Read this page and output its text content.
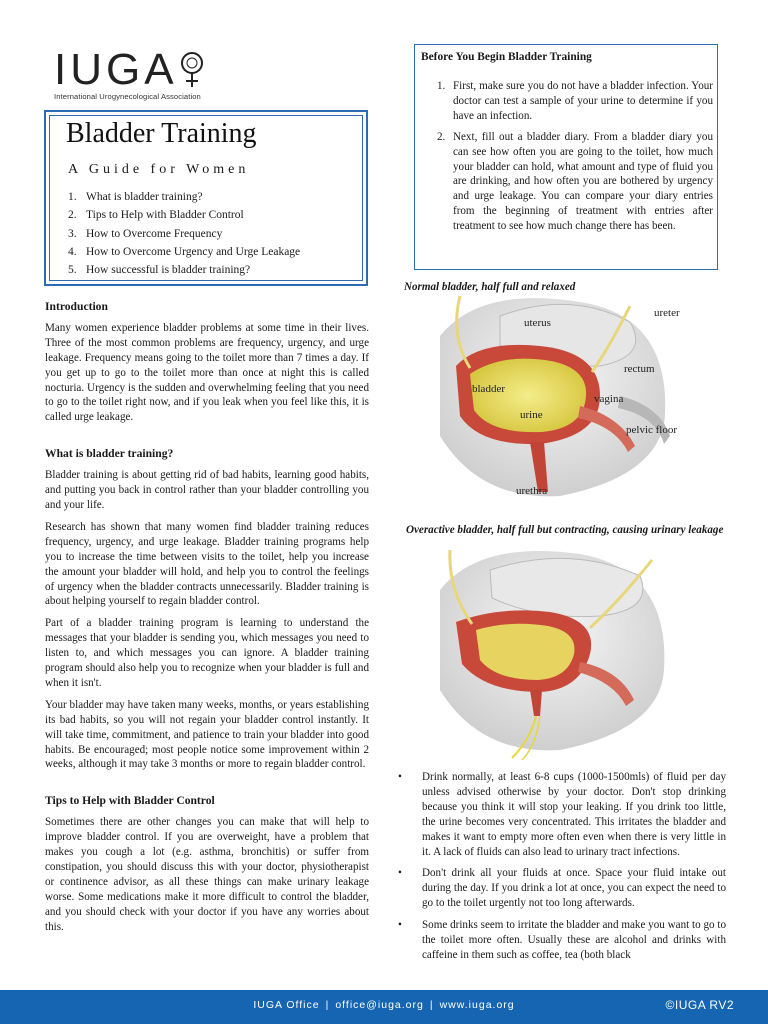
IUGA
International Urogynecological Association
Bladder Training
A Guide for Women
1. What is bladder training?
2. Tips to Help with Bladder Control
3. How to Overcome Frequency
4. How to Overcome Urgency and Urge Leakage
5. How successful is bladder training?
Introduction

Many women experience bladder problems at some time in their lives. Three of the most common problems are frequency, urgency, and urge leakage. Frequency means going to the toilet more than 7 times a day. If you get up to go to the toilet more than once at night this is called nocturia. Urgency is the sudden and overwhelming feeling that you need to go to the toilet right now, and if you leak when you feel like this, it is called urge leakage.

What is bladder training?

Bladder training is about getting rid of bad habits, learning good habits, and putting you back in control rather than your bladder controlling you and your life.

Research has shown that many women find bladder training reduces frequency, urgency, and urge leakage. Bladder training programs help you to increase the time between visits to the toilet, help you increase the amount your bladder will hold, and help you to control the feelings of urgency when the bladder contracts unnecessarily. Bladder training is about helping yourself to regain bladder control.

Part of a bladder training program is learning to understand the messages that your bladder is sending you, which messages you need to listen to, and which messages you can ignore. A bladder training program should also help you to recognize when your bladder is full and when it isn't.

Your bladder may have taken many weeks, months, or years establishing its bad habits, so you will not regain your bladder control instantly. It will take time, commitment, and patience to train your bladder into good habits. Be encouraged; most people notice some improvement within 2 weeks, although it may take 3 months or more to regain bladder control.

Tips to Help with Bladder Control

Sometimes there are other changes you can make that will help to improve bladder control. If you are overweight, have a problem that makes you cough a lot (e.g. asthma, bronchitis) or suffer from constipation, you should discuss this with your doctor, physiotherapist or continence advisor, as all these things can make urinary leakage worse. Some medications make it more difficult to control the bladder, and you should check with your doctor if you have any worries about this.

Before You Begin Bladder Training
1. First, make sure you do not have a bladder infection. Your doctor can test a sample of your urine to determine if you have an infection.
2. Next, fill out a bladder diary. From a bladder diary you can see how often you are going to the toilet, how much your bladder can hold, what amount and type of fluid you are drinking, and how often you are bothered by urgency and urge leakage. You can compare your diary entries from the beginning of treatment with entries after treatment to see how much change there has been.
Normal bladder, half full and relaxed
uterus
ureter
rectum
bladder
vagina
urine
pelvic floor
urethra
Overactive bladder, half full but contracting, causing urinary leakage
• Drink normally, at least 6-8 cups (1000-1500mls) of fluid per day unless advised otherwise by your doctor. Don't stop drinking because you think it will stop your leaking. If you drink too little, the urine becomes very concentrated. This irritates the bladder and makes it want to empty more often even when there is very little in it. A lack of fluids can also lead to urinary tract infections.
• Don't drink all your fluids at once. Space your fluid intake out during the day. If you drink a lot at once, you can expect the need to go to the toilet urgently not too long afterwards.
• Some drinks seem to irritate the bladder and make you want to go to the toilet more often. Usually these are alcohol and drinks with caffeine in them such as coffee, tea (both black
IUGA Office | office@iuga.org | www.iuga.org	©IUGA RV2
